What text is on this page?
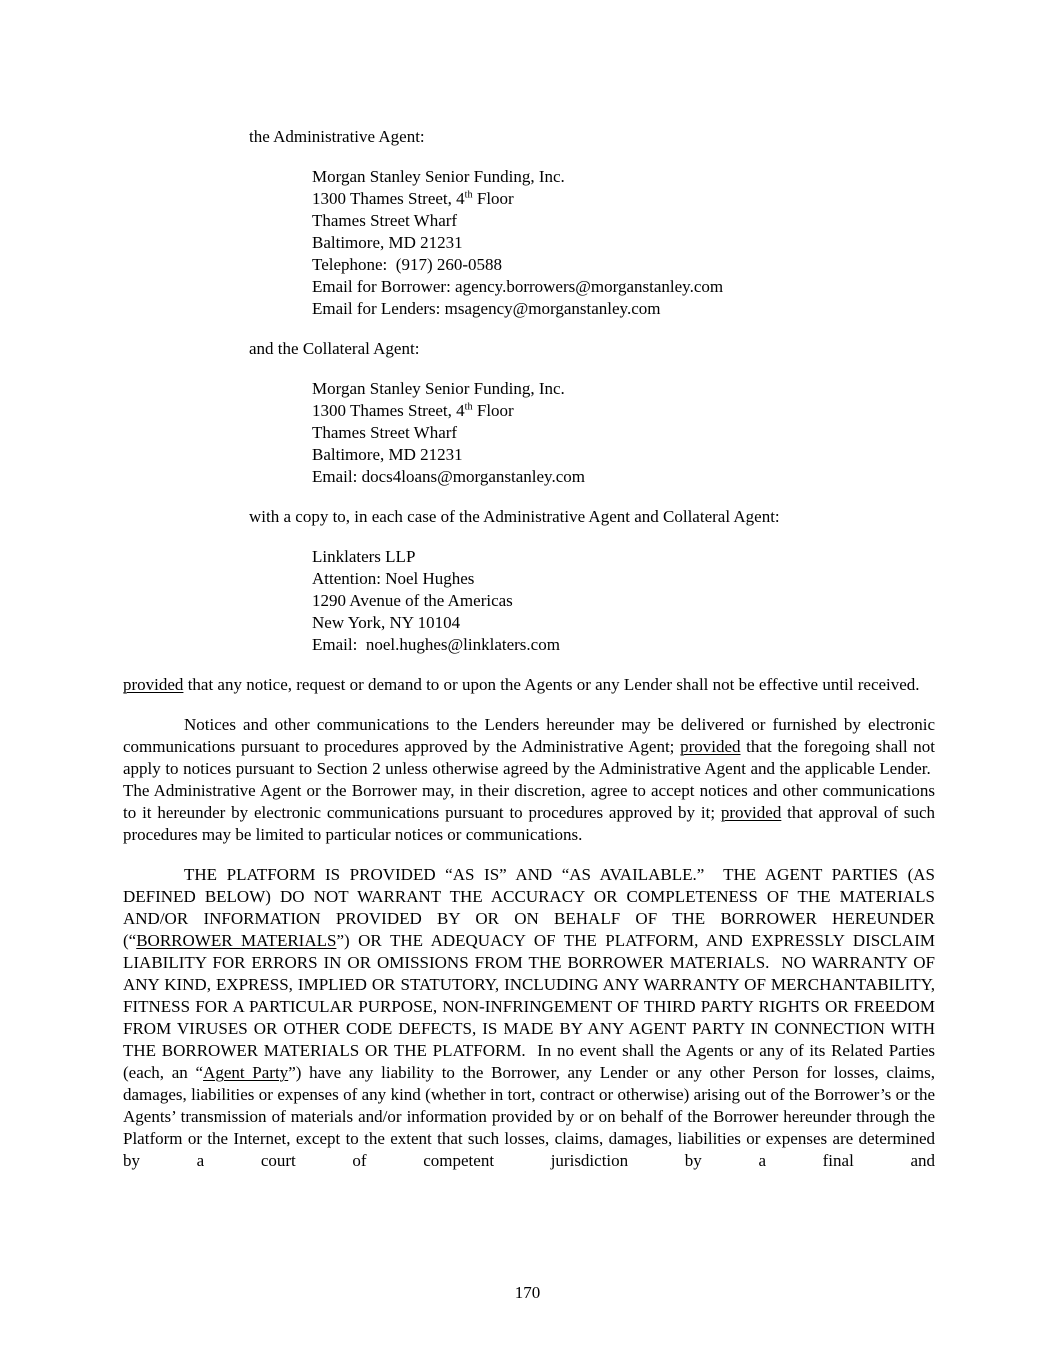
the Administrative Agent:
Morgan Stanley Senior Funding, Inc.
1300 Thames Street, 4th Floor
Thames Street Wharf
Baltimore, MD 21231
Telephone:  (917) 260-0588
Email for Borrower: agency.borrowers@morganstanley.com
Email for Lenders: msagency@morganstanley.com
and the Collateral Agent:
Morgan Stanley Senior Funding, Inc.
1300 Thames Street, 4th Floor
Thames Street Wharf
Baltimore, MD 21231
Email: docs4loans@morganstanley.com
with a copy to, in each case of the Administrative Agent and Collateral Agent:
Linklaters LLP
Attention: Noel Hughes
1290 Avenue of the Americas
New York, NY 10104
Email:  noel.hughes@linklaters.com

provided that any notice, request or demand to or upon the Agents or any Lender shall not be effective until received.

Notices and other communications to the Lenders hereunder may be delivered or furnished by electronic communications pursuant to procedures approved by the Administrative Agent; provided that the foregoing shall not apply to notices pursuant to Section 2 unless otherwise agreed by the Administrative Agent and the applicable Lender.  The Administrative Agent or the Borrower may, in their discretion, agree to accept notices and other communications to it hereunder by electronic communications pursuant to procedures approved by it; provided that approval of such procedures may be limited to particular notices or communications.

THE PLATFORM IS PROVIDED “AS IS” AND “AS AVAILABLE.”  THE AGENT PARTIES (AS DEFINED BELOW) DO NOT WARRANT THE ACCURACY OR COMPLETENESS OF THE MATERIALS AND/OR INFORMATION PROVIDED BY OR ON BEHALF OF THE BORROWER HEREUNDER (“BORROWER MATERIALS”) OR THE ADEQUACY OF THE PLATFORM, AND EXPRESSLY DISCLAIM LIABILITY FOR ERRORS IN OR OMISSIONS FROM THE BORROWER MATERIALS.  NO WARRANTY OF ANY KIND, EXPRESS, IMPLIED OR STATUTORY, INCLUDING ANY WARRANTY OF MERCHANTABILITY, FITNESS FOR A PARTICULAR PURPOSE, NON-INFRINGEMENT OF THIRD PARTY RIGHTS OR FREEDOM FROM VIRUSES OR OTHER CODE DEFECTS, IS MADE BY ANY AGENT PARTY IN CONNECTION WITH THE BORROWER MATERIALS OR THE PLATFORM.  In no event shall the Agents or any of its Related Parties (each, an “Agent Party”) have any liability to the Borrower, any Lender or any other Person for losses, claims, damages, liabilities or expenses of any kind (whether in tort, contract or otherwise) arising out of the Borrower’s or the Agents’ transmission of materials and/or information provided by or on behalf of the Borrower hereunder through the Platform or the Internet, except to the extent that such losses, claims, damages, liabilities or expenses are determined by a court of competent jurisdiction by a final and

170
